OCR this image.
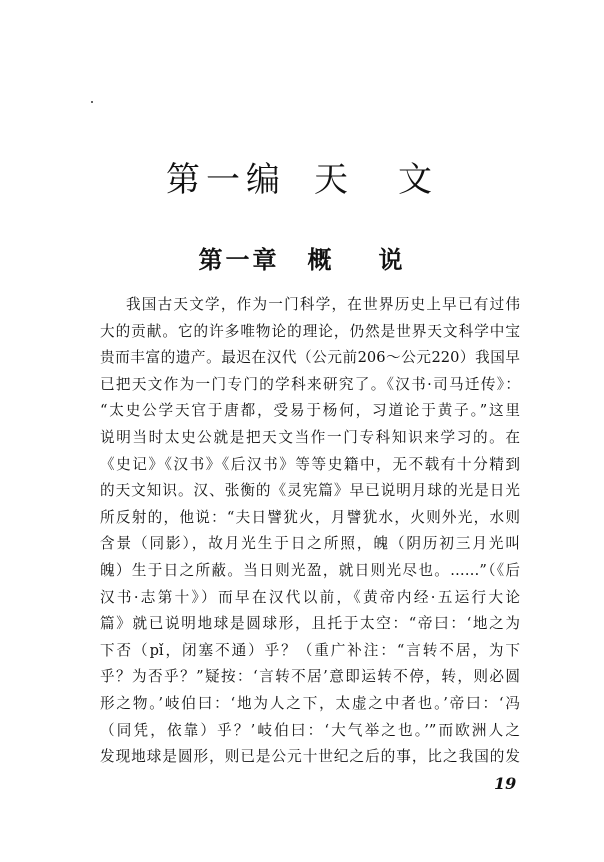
第一编 天 文
第一章 概 说
我国古天文学，作为一门科学，在世界历史上早已有过伟
大的贡献。它的许多唯物论的理论，仍然是世界天文科学中宝
贵而丰富的遗产。最迟在汉代（公元前206～公元220）我国早
已把天文作为一门专门的学科来研究了。《汉书·司马迁传》：
“太史公学天官于唐都，受易于杨何，习道论于黄子。”这里
说明当时太史公就是把天文当作一门专科知识来学习的。在
《史记》《汉书》《后汉书》等等史籍中，无不载有十分精到
的天文知识。汉、张衡的《灵宪篇》早已说明月球的光是日光
所反射的，他说：“夫日譬犹火，月譬犹水，火则外光，水则
含景（同影），故月光生于日之所照，魄（阴历初三月光叫
魄）生于日之所蔽。当日则光盈，就日则光尽也。……”（《后
汉书·志第十》）而早在汉代以前，《黄帝内经·五运行大论
篇》就已说明地球是圆球形，且托于太空：“帝曰：‘地之为
下否（pǐ，闭塞不通）乎？（重广补注：“言转不居，为下
乎？为否乎？”疑按：‘言转不居’意即运转不停，转，则必圆
形之物。’岐伯曰：‘地为人之下，太虚之中者也。’帝曰：‘冯
（同凭，依靠）乎？’岐伯曰：‘大气举之也。’”而欧洲人之
发现地球是圆形，则已是公元十世纪之后的事，比之我国的发
19
